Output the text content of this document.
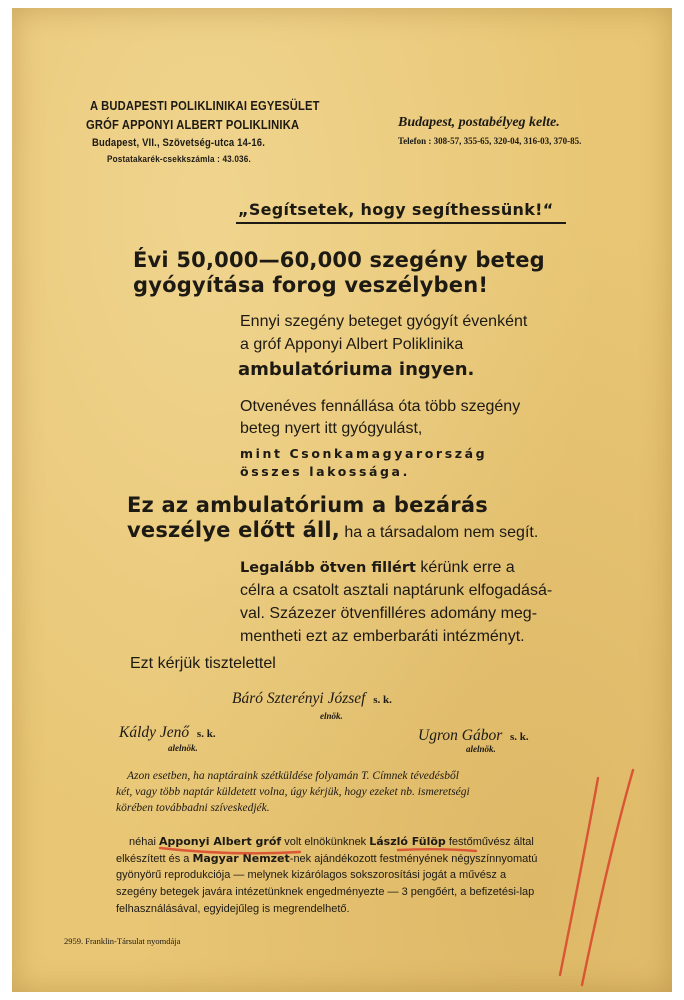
A BUDAPESTI POLIKLINIKAI EGYESÜLET
GRÓF APPONYI ALBERT POLIKLINIKA
Budapest, VII., Szövetség-utca 14-16.
Postatakarék-csekkszámla : 43.036.
Budapest, postabélyeg kelte.
Telefon : 308-57, 355-65, 320-04, 316-03, 370-85.
„Segítsetek, hogy segíthessünk!“
Évi 50,000—60,000 szegény beteg
gyógyítása forog veszélyben!
Ennyi szegény beteget gyógyít évenként
a gróf Apponyi Albert Poliklinika
ambulatóriuma ingyen.
Otvenéves fennállása óta több szegény
beteg nyert itt gyógyulást,
mint Csonkamagyarország
összes lakossága.
Ez az ambulatórium a bezárás
veszélye előtt áll, ha a társadalom nem segít.
Legalább ötven fillért kérünk erre a
célra a csatolt asztali naptárunk elfogadásá-
val. Százezer ötvenfilléres adomány meg-
mentheti ezt az emberbaráti intézményt.
Ezt kérjük tisztelettel
Báró Szterényi József s. k.
elnök.
Káldy Jenő s. k.
alelnök.
Ugron Gábor s. k.
alelnök.
Azon esetben, ha naptáraink szétküldése folyamán T. Címnek tévedésből
két, vagy több naptár küldetett volna, úgy kérjük, hogy ezeket nb. ismeretségi
körében továbbadni szíveskedjék.
néhai Apponyi Albert gróf volt elnökünknek László Fülöp festőművész által
elkészített és a Magyar Nemzet-nek ajándékozott festményének négyszínnyomatú
gyönyörű reprodukciója — melynek kizárólagos sokszorosítási jogát a művész a
szegény betegek javára intézetünknek engedményezte — 3 pengőért, a befizetési-lap
felhasználásával, egyidejűleg is megrendelhető.
2959. Franklin-Társulat nyomdája
